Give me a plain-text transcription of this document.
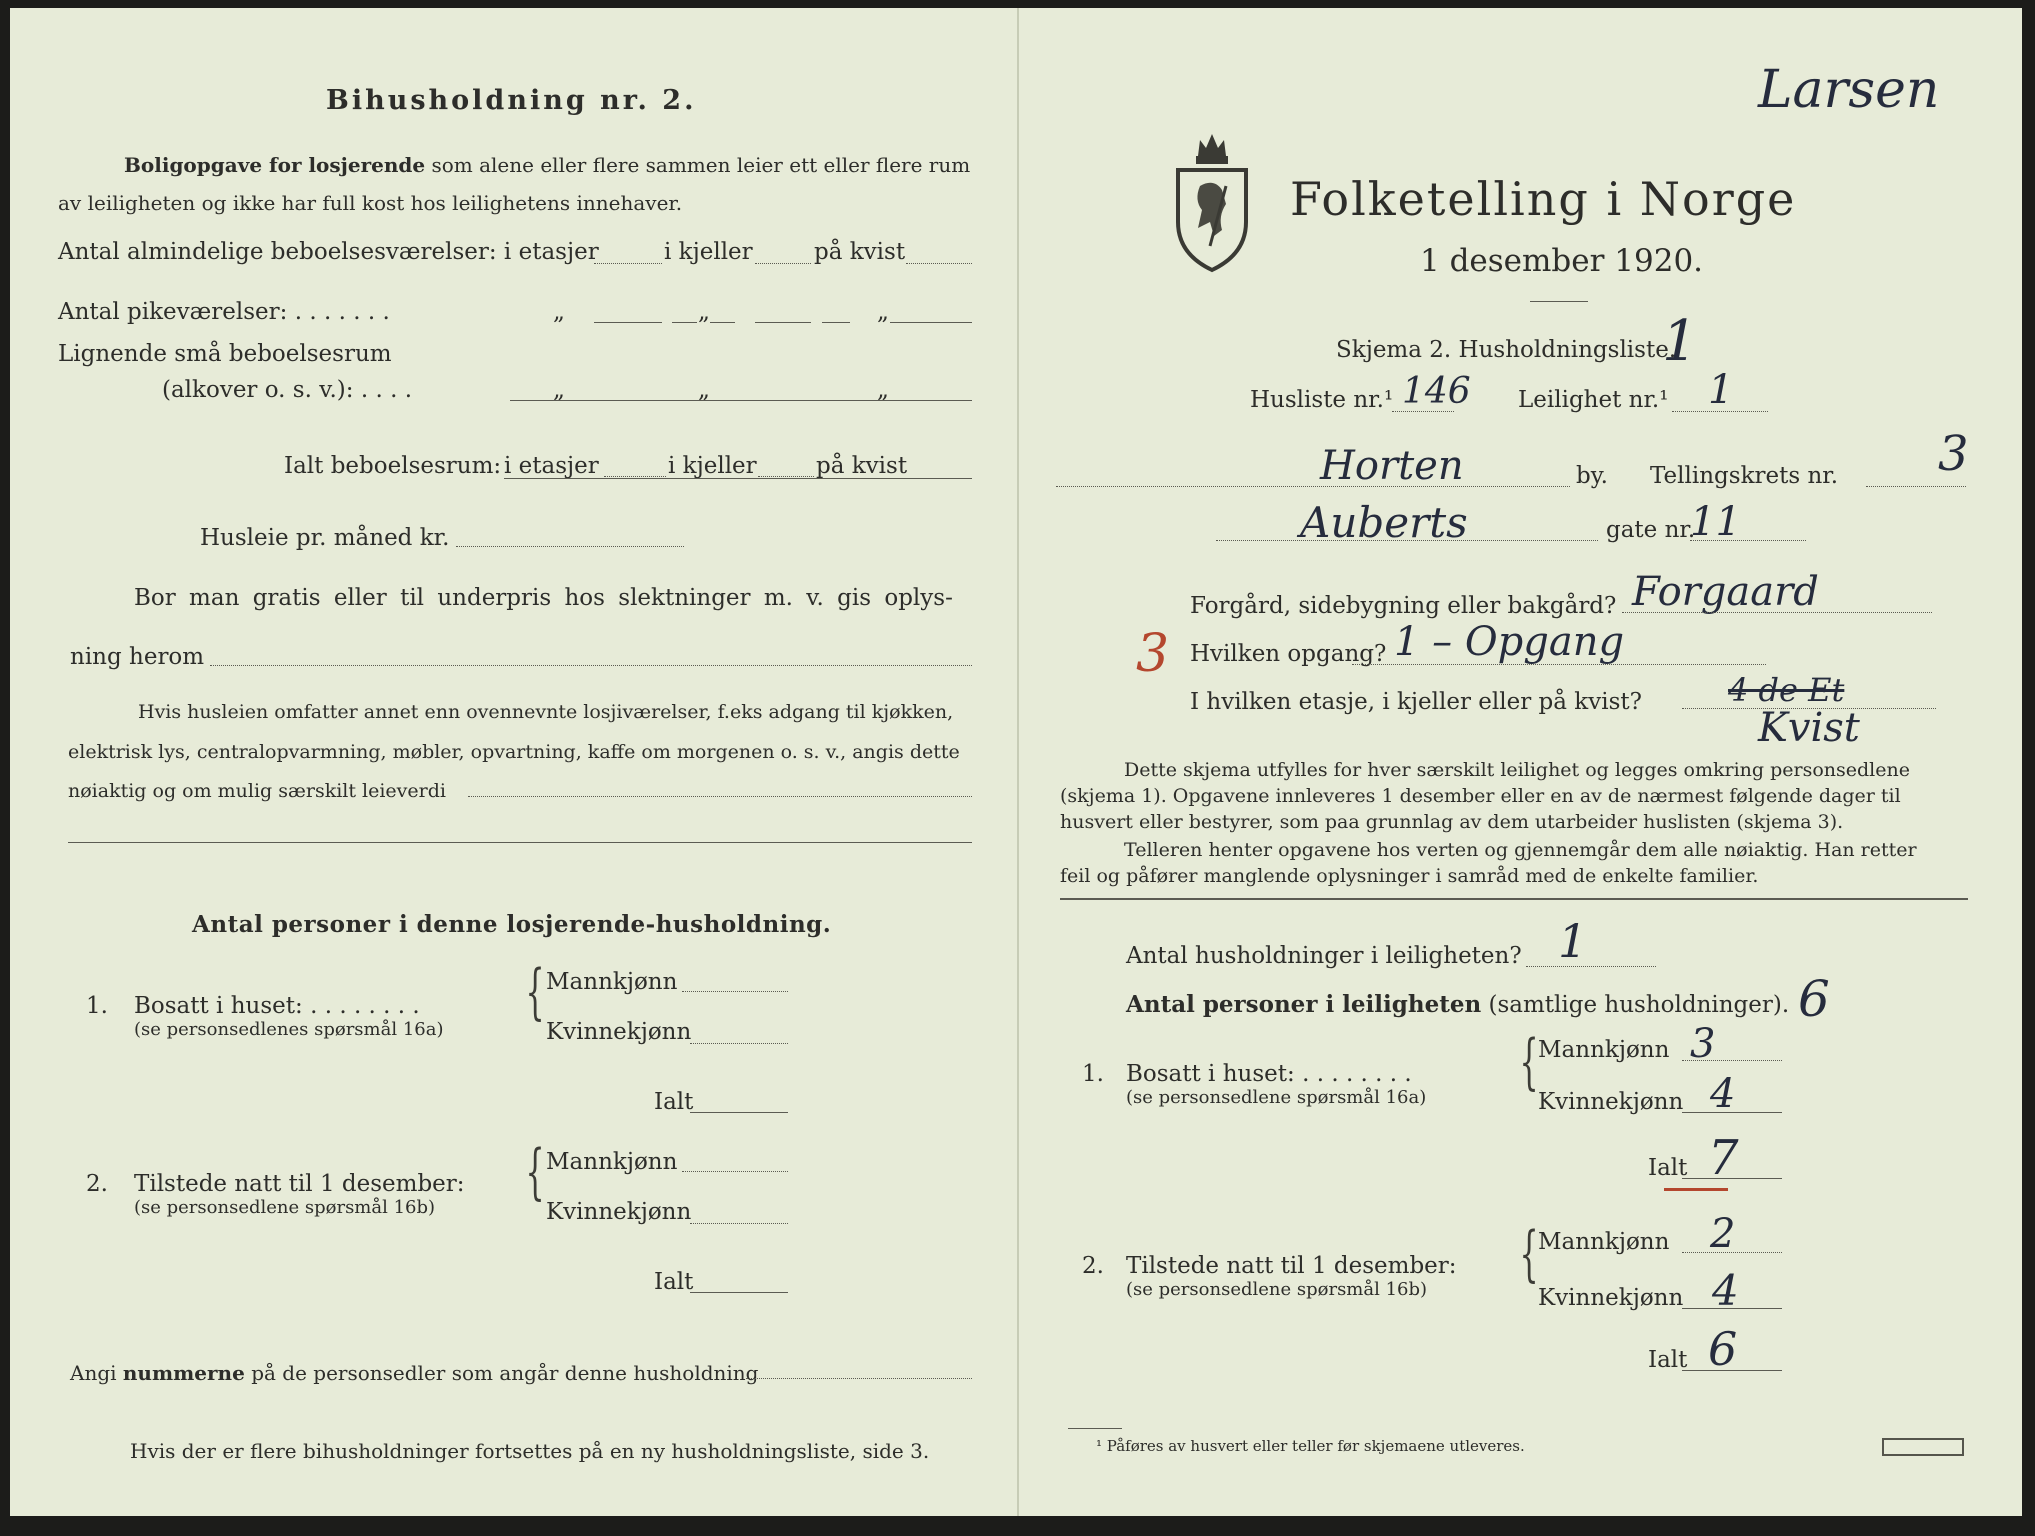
Bihusholdning nr. 2.
Boligopgave for losjerende som alene eller flere sammen leier ett eller flere rum
av leiligheten og ikke har full kost hos leilighetens innehaver.
Antal almindelige beboelsesværelser: i etasjer	i kjeller	på kvist
Antal pikeværelser: . . . . . . .	„	„	„
Lignende små beboelsesrum
(alkover o. s. v.): . . . .	„	„	„
Ialt beboelsesrum: i etasjer	i kjeller	på kvist
Husleie pr. måned kr.
Bor man gratis eller til underpris hos slektninger m. v. gis oplys-
ning herom
Hvis husleien omfatter annet enn ovennevnte losjiværelser, f.eks adgang til kjøkken,
elektrisk lys, centralopvarmning, møbler, opvartning, kaffe om morgenen o. s. v., angis dette
nøiaktig og om mulig særskilt leieverdi
Antal personer i denne losjerende-husholdning.
1. Bosatt i huset: . . . . . . . .
(se personsedlenes spørsmål 16a)
{ Mannkjønn
Kvinnekjønn
Ialt
2. Tilstede natt til 1 desember:
(se personsedlene spørsmål 16b)
{ Mannkjønn
Kvinnekjønn
Ialt
Angi nummerne på de personsedler som angår denne husholdning
Hvis der er flere bihusholdninger fortsettes på en ny husholdningsliste, side 3.
Larsen
Folketelling i Norge
1 desember 1920.
Skjema 2. Husholdningsliste.
1
Husliste nr.¹ 146 Leilighet nr.¹ 1
Horten	by. Tellingskrets nr. 3
Auberts	gate nr.
11
Forgård, sidebygning eller bakgård? Forgaard
3 Hvilken opgang? 1 – Opgang
I hvilken etasje, i kjeller eller på kvist?	4 de Et
Kvist
Dette skjema utfylles for hver særskilt leilighet og legges omkring personsedlene
(skjema 1). Opgavene innleveres 1 desember eller en av de nærmest følgende dager til
husvert eller bestyrer, som paa grunnlag av dem utarbeider huslisten (skjema 3).
Telleren henter opgavene hos verten og gjennemgår dem alle nøiaktig. Han retter
feil og påfører manglende oplysninger i samråd med de enkelte familier.
Antal husholdninger i leiligheten? 1
Antal personer i leiligheten (samtlige husholdninger). 6
1. Bosatt i huset: . . . . . . . .
(se personsedlene spørsmål 16a)
{ Mannkjønn 3
Kvinnekjønn 4
Ialt 7
2. Tilstede natt til 1 desember:
(se personsedlene spørsmål 16b)
{ Mannkjønn 2
Kvinnekjønn 4
Ialt 6
¹ Påføres av husvert eller teller før skjemaene utleveres.
